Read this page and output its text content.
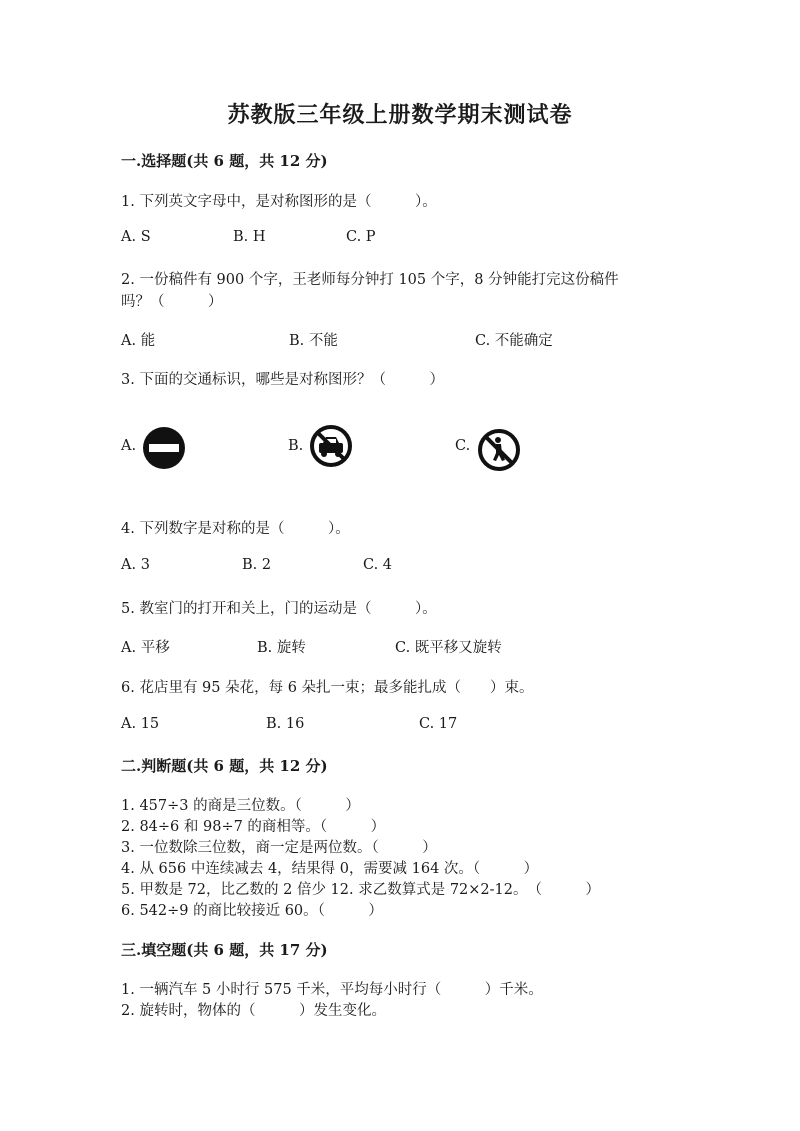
苏教版三年级上册数学期末测试卷
一.选择题(共 6 题，共 12 分)
1. 下列英文字母中，是对称图形的是（　　　）。
A. S	B. H	C. P
2. 一份稿件有 900 个字，王老师每分钟打 105 个字，8 分钟能打完这份稿件
吗？（　　　）
A. 能	B. 不能	C. 不能确定
3. 下面的交通标识，哪些是对称图形？（　　　）
A.	B.	C.
4. 下列数字是对称的是（　　　）。
A. 3	B. 2	C. 4
5. 教室门的打开和关上，门的运动是（　　　）。
A. 平移	B. 旋转	C. 既平移又旋转
6. 花店里有 95 朵花，每 6 朵扎一束；最多能扎成（　　）束。
A. 15	B. 16	C. 17
二.判断题(共 6 题，共 12 分)
1. 457÷3 的商是三位数。（　　　）
2. 84÷6 和 98÷7 的商相等。（　　　）
3. 一位数除三位数，商一定是两位数。（　　　）
4. 从 656 中连续减去 4，结果得 0，需要减 164 次。（　　　）
5. 甲数是 72，比乙数的 2 倍少 12. 求乙数算式是 72×2-12。　（　　　）
6. 542÷9 的商比较接近 60。（　　　）
三.填空题(共 6 题，共 17 分)
1. 一辆汽车 5 小时行 575 千米，平均每小时行（　　　）千米。
2. 旋转时，物体的（　　　）发生变化。
